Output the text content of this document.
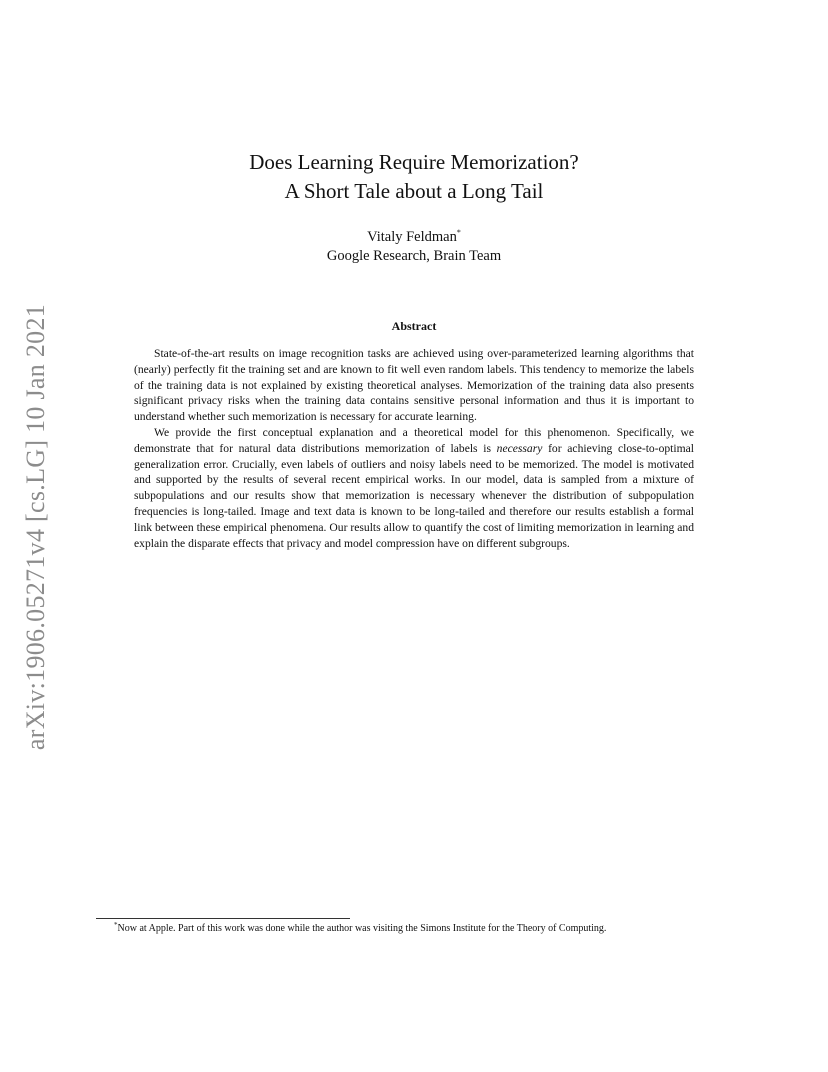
arXiv:1906.05271v4 [cs.LG] 10 Jan 2021
Does Learning Require Memorization?
A Short Tale about a Long Tail
Vitaly Feldman*
Google Research, Brain Team
Abstract

State-of-the-art results on image recognition tasks are achieved using over-parameterized learning algorithms that (nearly) perfectly fit the training set and are known to fit well even random labels. This tendency to memorize the labels of the training data is not explained by existing theoretical analyses. Memorization of the training data also presents significant privacy risks when the training data contains sensitive personal information and thus it is important to understand whether such memorization is necessary for accurate learning.

We provide the first conceptual explanation and a theoretical model for this phenomenon. Specifically, we demonstrate that for natural data distributions memorization of labels is necessary for achieving close-to-optimal generalization error. Crucially, even labels of outliers and noisy labels need to be memorized. The model is motivated and supported by the results of several recent empirical works. In our model, data is sampled from a mixture of subpopulations and our results show that memorization is necessary whenever the distribution of subpopulation frequencies is long-tailed. Image and text data is known to be long-tailed and therefore our results establish a formal link between these empirical phenomena. Our results allow to quantify the cost of limiting memorization in learning and explain the disparate effects that privacy and model compression have on different subgroups.

*Now at Apple. Part of this work was done while the author was visiting the Simons Institute for the Theory of Computing.
